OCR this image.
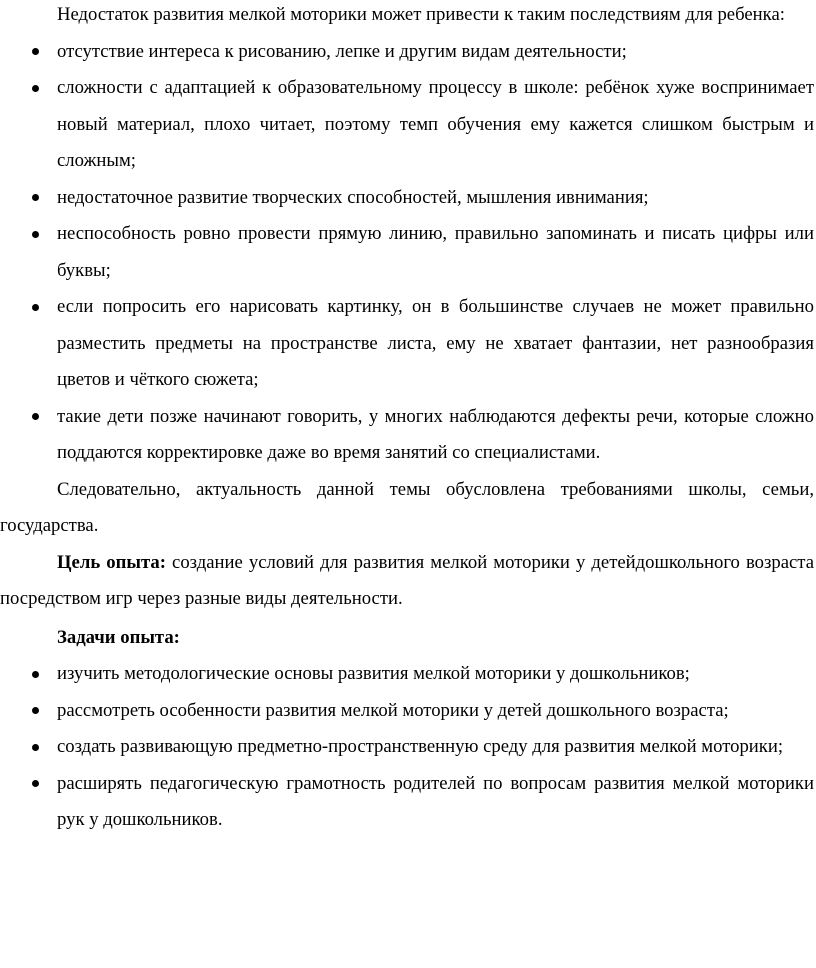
Недостаток развития мелкой моторики может привести к таким последствиям для ребенка:

отсутствие интереса к рисованию, лепке и другим видам деятельности;
сложности с адаптацией к образовательному процессу в школе: ребёнок хуже воспринимает новый материал, плохо читает, поэтому темп обучения ему кажется слишком быстрым и сложным;
недостаточное развитие творческих способностей, мышления ивнимания;
неспособность ровно провести прямую линию, правильно запоминать и писать цифры или буквы;
если попросить его нарисовать картинку, он в большинстве случаев не может правильно разместить предметы на пространстве листа, ему не хватает фантазии, нет разнообразия цветов и чёткого сюжета;
такие дети позже начинают говорить, у многих наблюдаются дефекты речи, которые сложно поддаются корректировке даже во время занятий со специалистами.

Следовательно, актуальность данной темы обусловлена требованиями школы, семьи, государства.

Цель опыта: создание условий для развития мелкой моторики у детейдошкольного возраста посредством игр через разные виды деятельности.

Задачи опыта:

изучить методологические основы развития мелкой моторики у дошкольников;
рассмотреть особенности развития мелкой моторики у детей дошкольного возраста;
создать развивающую предметно-пространственную среду для развития мелкой моторики;
расширять педагогическую грамотность родителей по вопросам развития мелкой моторики рук у дошкольников.
